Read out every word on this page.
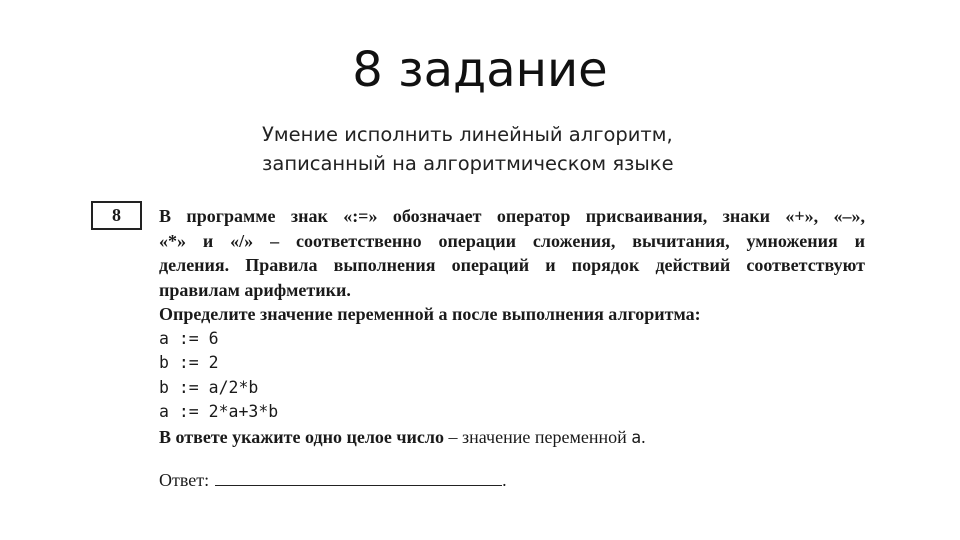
8 задание
Умение исполнить линейный алгоритм,
записанный на алгоритмическом языке
8	В программе знак «:=» обозначает оператор присваивания, знаки «+», «–»,
«*» и «/» – соответственно операции сложения, вычитания, умножения и
деления. Правила выполнения операций и порядок действий соответствуют
правилам арифметики.
Определите значение переменной a после выполнения алгоритма:
a := 6
b := 2
b := a/2*b
a := 2*a+3*b
В ответе укажите одно целое число – значение переменной a.
Ответ:	.
